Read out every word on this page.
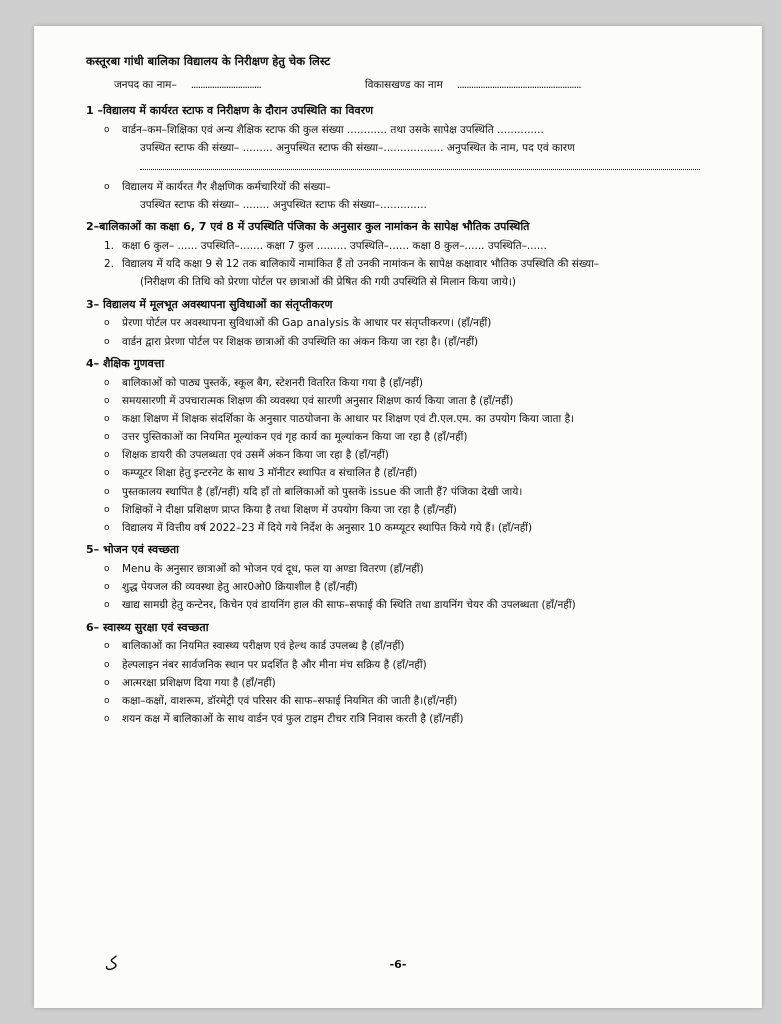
कस्तूरबा गांधी बालिका विद्यालय के निरीक्षण हेतु चेक लिस्ट
जनपद का नाम– ..............................	विकासखण्ड का नाम .....................................................
1 –विद्यालय में कार्यरत स्टाफ व निरीक्षण के दौरान उपस्थिति का विवरण
o	वार्डन–कम–शिक्षिका एवं अन्य शैक्षिक स्टाफ की कुल संख्या ............ तथा उसके सापेक्ष उपस्थिति ..............
उपस्थित स्टाफ की संख्या– ......... अनुपस्थित स्टाफ की संख्या–.................. अनुपस्थित के नाम, पद एवं कारण
o	विद्यालय में कार्यरत गैर शैक्षणिक कर्मचारियों की संख्या–
उपस्थित स्टाफ की संख्या– ........ अनुपस्थित स्टाफ की संख्या–..............
2–बालिकाओं का कक्षा 6, 7 एवं 8 में उपस्थिति पंजिका के अनुसार कुल नामांकन के सापेक्ष भौतिक उपस्थिति
1. कक्षा 6 कुल– ...... उपस्थिति–....... कक्षा 7 कुल ......... उपस्थिति–...... कक्षा 8 कुल–...... उपस्थिति–......
2. विद्यालय में यदि कक्षा 9 से 12 तक बालिकायें नामांकित हैं तो उनकी नामांकन के सापेक्ष कक्षावार भौतिक उपस्थिति की संख्या–
(निरीक्षण की तिथि को प्रेरणा पोर्टल पर छात्राओं की प्रेषित की गयी उपस्थिति से मिलान किया जाये।)
3– विद्यालय में मूलभूत अवस्थापना सुविधाओं का संतृप्तीकरण
o	प्रेरणा पोर्टल पर अवस्थापना सुविधाओं की Gap analysis के आधार पर संतृप्तीकरण। (हाँ/नहीं)
o	वार्डन द्वारा प्रेरणा पोर्टल पर शिक्षक छात्राओं की उपस्थिति का अंकन किया जा रहा है। (हाँ/नहीं)
4– शैक्षिक गुणवत्ता
o	बालिकाओं को पाठ्य पुस्तकें, स्कूल बैग, स्टेशनरी वितरित किया गया है (हाँ/नहीं)
o	समयसारणी में उपचारात्मक शिक्षण की व्यवस्था एवं सारणी अनुसार शिक्षण कार्य किया जाता है (हाँ/नहीं)
o	कक्षा शिक्षण में शिक्षक संदर्शिका के अनुसार पाठयोजना के आधार पर शिक्षण एवं टी.एल.एम. का उपयोग किया जाता है।
o	उत्तर पुस्तिकाओं का नियमित मूल्यांकन एवं गृह कार्य का मूल्यांकन किया जा रहा है (हाँ/नहीं)
o	शिक्षक डायरी की उपलब्धता एवं उसमें अंकन किया जा रहा है (हाँ/नहीं)
o	कम्प्यूटर शिक्षा हेतु इन्टरनेट के साथ 3 मॉनीटर स्थापित व संचालित है (हाँ/नहीं)
o	पुस्तकालय स्थापित है (हाँ/नहीं) यदि हाँ तो बालिकाओं को पुस्तकें issue की जाती हैं? पंजिका देखी जाये।
o	शिक्षिकों ने दीक्षा प्रशिक्षण प्राप्त किया है तथा शिक्षण में उपयोग किया जा रहा है (हाँ/नहीं)
o	विद्यालय में वित्तीय वर्ष 2022–23 में दिये गये निर्देश के अनुसार 10 कम्प्यूटर स्थापित किये गये हैं। (हाँ/नहीं)
5– भोजन एवं स्वच्छता
o	Menu के अनुसार छात्राओं को भोजन एवं दूध, फल या अण्डा वितरण (हाँ/नहीं)
o	शुद्ध पेयजल की व्यवस्था हेतु आर0ओ0 क्रियाशील है (हाँ/नहीं)
o	खाद्य सामग्री हेतु कन्टेनर, किचेन एवं डायनिंग हाल की साफ–सफाई की स्थिति तथा डायनिंग चेयर की उपलब्धता (हाँ/नहीं)
6– स्वास्थ्य सुरक्षा एवं स्वच्छता
o	बालिकाओं का नियमित स्वास्थ्य परीक्षण एवं हेल्थ कार्ड उपलब्ध है (हाँ/नहीं)
o	हेल्पलाइन नंबर सार्वजनिक स्थान पर प्रदर्शित है और मीना मंच सक्रिय है (हाँ/नहीं)
o	आत्मरक्षा प्रशिक्षण दिया गया है (हाँ/नहीं)
o	कक्षा–कक्षों, वाशरूम, डॉरमेट्री एवं परिसर की साफ–सफाई नियमित की जाती है।(हाँ/नहीं)
o	शयन कक्ष में बालिकाओं के साथ वार्डन एवं फुल टाइम टीचर रात्रि निवास करती है (हाँ/नहीं)
ک	-6-
